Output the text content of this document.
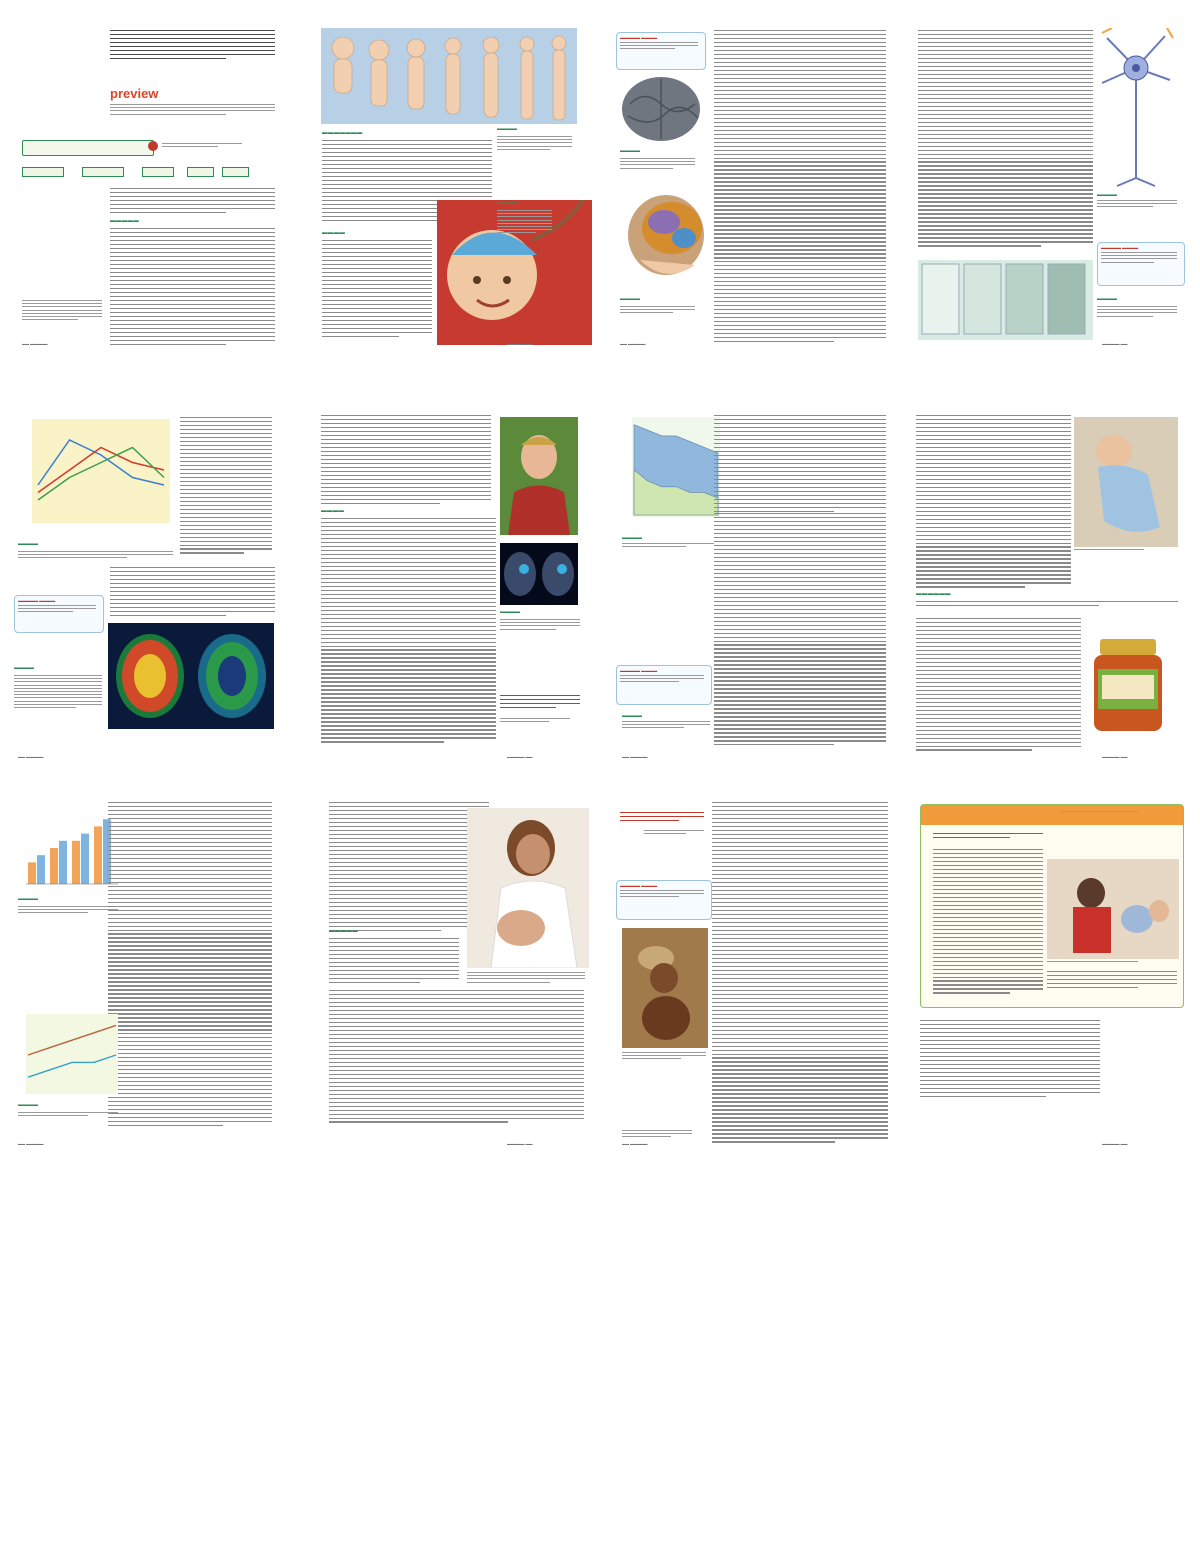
preview
▬▬▬▬▬
▬▬ ▬▬▬▬▬
▬▬▬▬▬▬▬
▬▬▬▬
▬▬▬▬
▬▬▬▬
▬▬▬▬▬ ▬▬
▬▬▬▬▬ ▬▬▬▬
▬▬▬▬
▬▬▬▬
▬▬ ▬▬▬▬▬
▬▬▬▬
▬▬▬▬▬ ▬▬▬▬
▬▬▬▬
▬▬▬▬▬ ▬▬
▬▬▬▬
▬▬▬▬▬ ▬▬▬▬
▬▬▬▬
▬▬ ▬▬▬▬▬
▬▬▬▬
▬▬▬▬
▬▬▬▬▬ ▬▬
▬▬▬▬
▬▬▬▬▬ ▬▬▬▬
▬▬▬▬
▬▬ ▬▬▬▬▬
▬▬▬▬▬▬
▬▬▬▬▬ ▬▬
▬▬▬▬
▬▬▬▬
▬▬ ▬▬▬▬▬
▬▬▬▬▬
▬▬▬▬▬ ▬▬
▬▬▬▬▬ ▬▬▬▬
▬▬ ▬▬▬▬▬	▬▬▬▬▬ ▬▬
